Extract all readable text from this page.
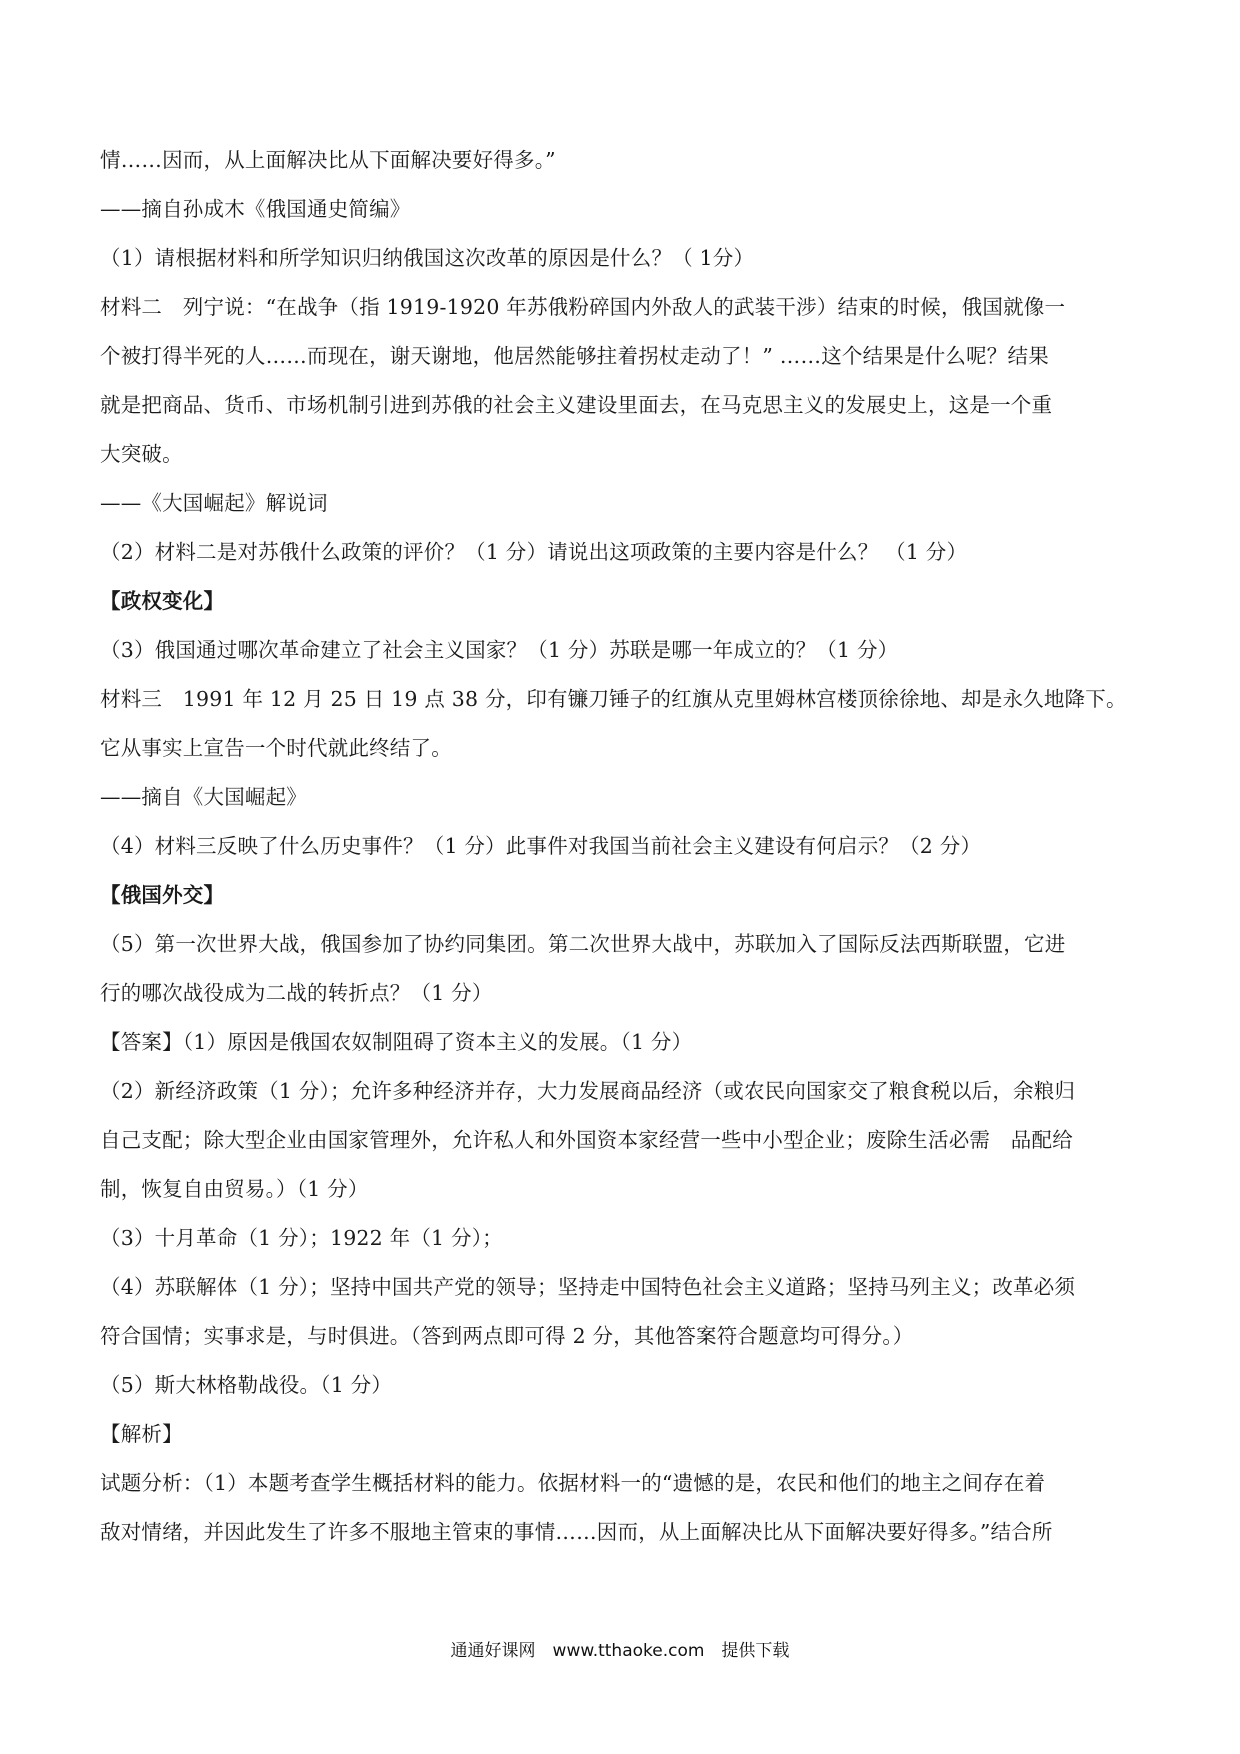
情……因而，从上面解决比从下面解决要好得多。”
——摘自孙成木《俄国通史简编》
（1）请根据材料和所学知识归纳俄国这次改革的原因是什么？（ 1分）
材料二　列宁说：“在战争（指 1919-1920 年苏俄粉碎国内外敌人的武装干涉）结束的时候，俄国就像一
个被打得半死的人……而现在，谢天谢地，他居然能够拄着拐杖走动了！” ……这个结果是什么呢？结果
就是把商品、货币、市场机制引进到苏俄的社会主义建设里面去，在马克思主义的发展史上，这是一个重
大突破。
——《大国崛起》解说词
（2）材料二是对苏俄什么政策的评价？（1 分）请说出这项政策的主要内容是什么？ （1 分）
【政权变化】
（3）俄国通过哪次革命建立了社会主义国家？（1 分）苏联是哪一年成立的？（1 分）
材料三　1991 年 12 月 25 日 19 点 38 分，印有镰刀锤子的红旗从克里姆林宫楼顶徐徐地、却是永久地降下。
它从事实上宣告一个时代就此终结了。
——摘自《大国崛起》
（4）材料三反映了什么历史事件？（1 分）此事件对我国当前社会主义建设有何启示？（2 分）
【俄国外交】
（5）第一次世界大战，俄国参加了协约同集团。第二次世界大战中，苏联加入了国际反法西斯联盟，它进
行的哪次战役成为二战的转折点？（1 分）
【答案】（1）原因是俄国农奴制阻碍了资本主义的发展。（1 分）
（2）新经济政策（1 分）；允许多种经济并存，大力发展商品经济（或农民向国家交了粮食税以后，余粮归
自己支配；除大型企业由国家管理外，允许私人和外国资本家经营一些中小型企业；废除生活必需　品配给
制，恢复自由贸易。）（1 分）
（3）十月革命（1 分）；1922 年（1 分）；
（4）苏联解体（1 分）；坚持中国共产党的领导；坚持走中国特色社会主义道路；坚持马列主义；改革必须
符合国情；实事求是，与时俱进。（答到两点即可得 2 分，其他答案符合题意均可得分。）
（5）斯大林格勒战役。（1 分）
【解析】
试题分析：（1）本题考查学生概括材料的能力。依据材料一的“遗憾的是，农民和他们的地主之间存在着
敌对情绪，并因此发生了许多不服地主管束的事情……因而，从上面解决比从下面解决要好得多。”结合所
通通好课网　www.tthaoke.com　提供下载
